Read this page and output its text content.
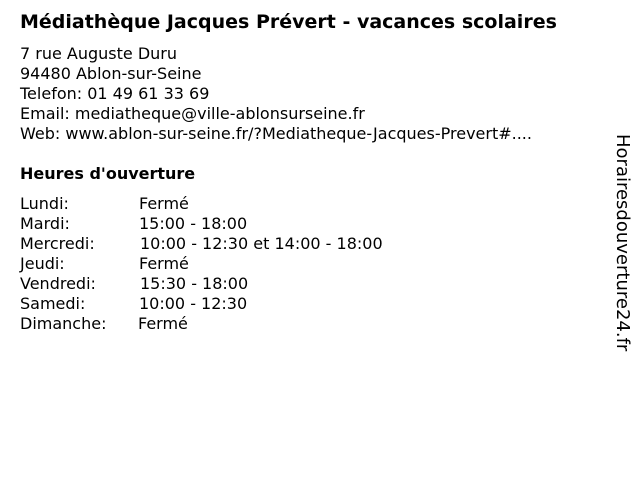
Médiathèque Jacques Prévert - vacances scolaires
7 rue Auguste Duru
94480 Ablon-sur-Seine
Telefon: 01 49 61 33 69
Email: mediatheque@ville-ablonsurseine.fr
Web: www.ablon-sur-seine.fr/?Mediatheque-Jacques-Prevert#....
Heures d'ouverture
Lundi:	Fermé
Mardi:	15:00 - 18:00
Mercredi:	10:00 - 12:30 et 14:00 - 18:00
Jeudi:	Fermé
Vendredi:	15:30 - 18:00
Samedi:	10:00 - 12:30
Dimanche: Fermé	Horairesdouverture24.fr
